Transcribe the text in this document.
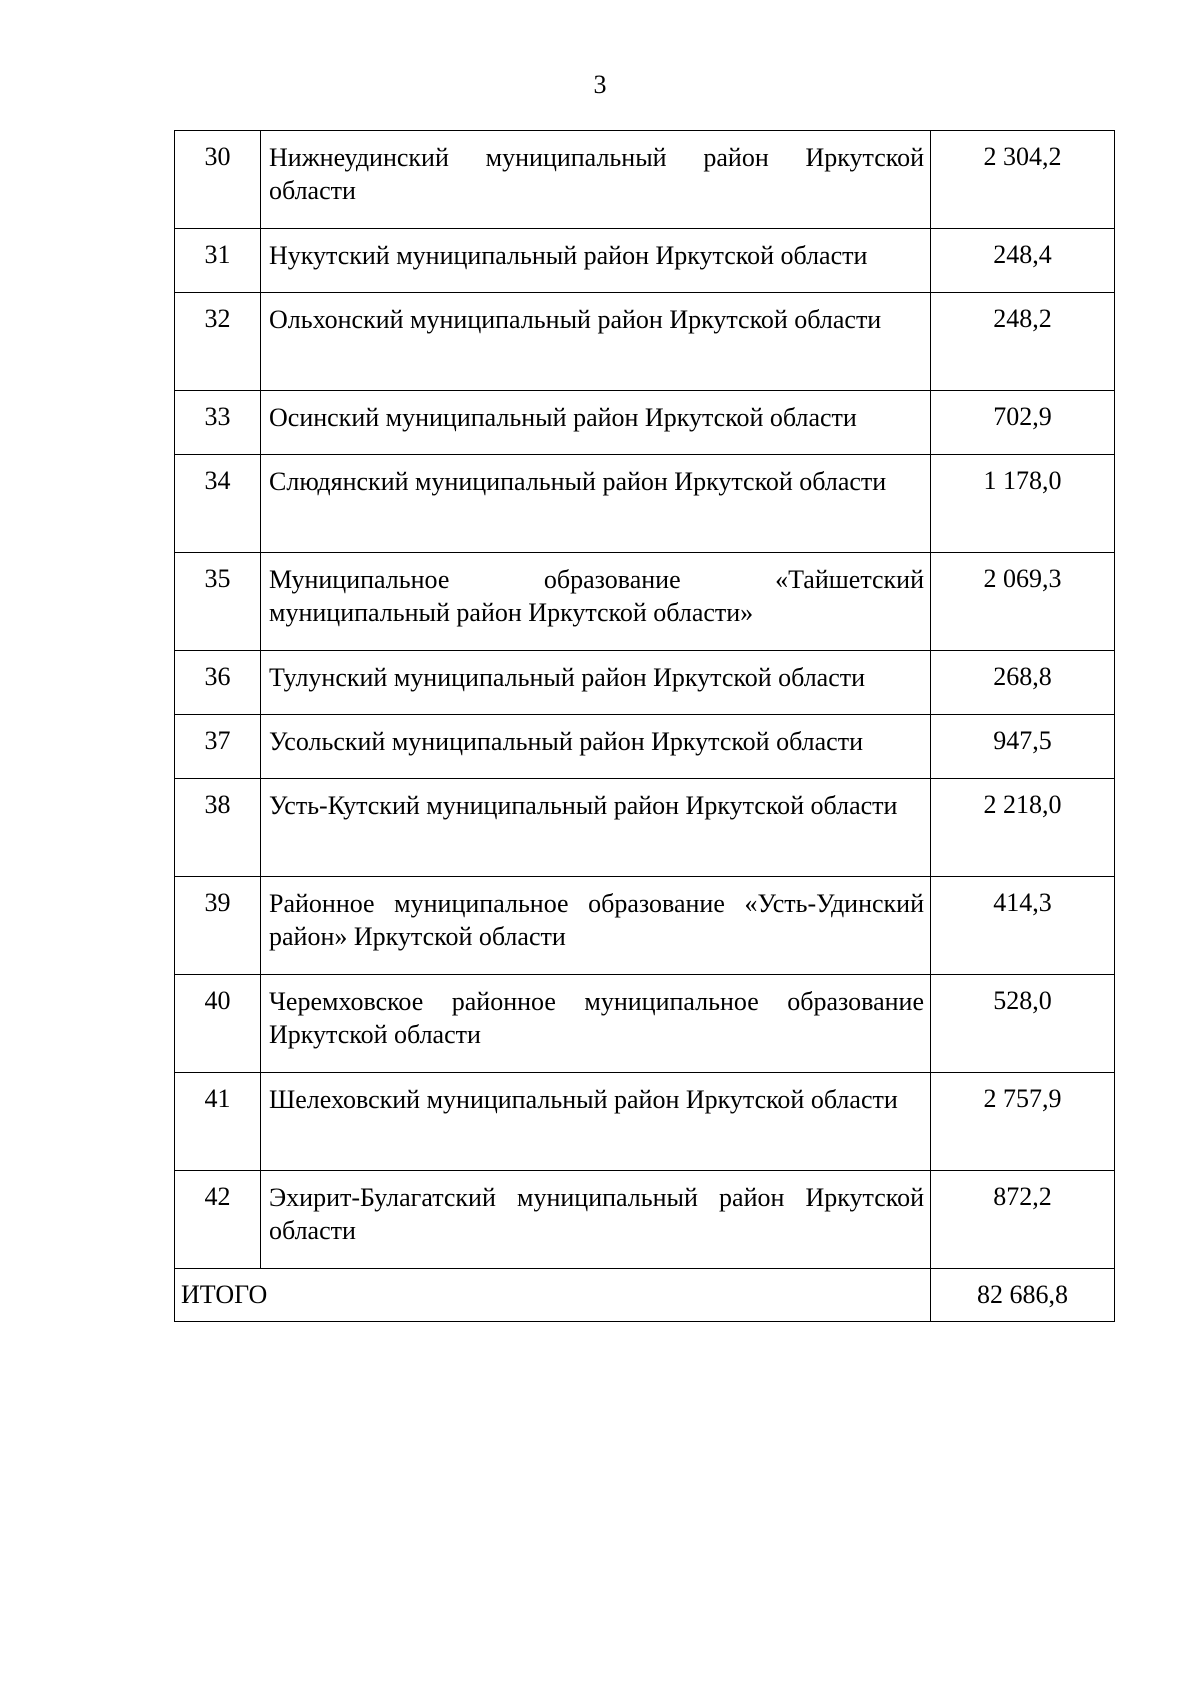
3
30	Нижнеудинский муниципальный район Иркутской области	2 304,2
31	Нукутский муниципальный район Иркутской области	248,4
32	Ольхонский муниципальный район Иркутской области	248,2
33	Осинский муниципальный район Иркутской области	702,9
34	Слюдянский муниципальный район Иркутской области	1 178,0
35	Муниципальное образование «Тайшетский муниципальный район Иркутской области»	2 069,3
36	Тулунский муниципальный район Иркутской области	268,8
37	Усольский муниципальный район Иркутской области	947,5
38	Усть-Кутский муниципальный район Иркутской области	2 218,0
39	Районное муниципальное образование «Усть-Удинский район» Иркутской области	414,3
40	Черемховское районное муниципальное образование Иркутской области	528,0
41	Шелеховский муниципальный район Иркутской области	2 757,9
42	Эхирит-Булагатский муниципальный район Иркутской области	872,2
ИТОГО		82 686,8
